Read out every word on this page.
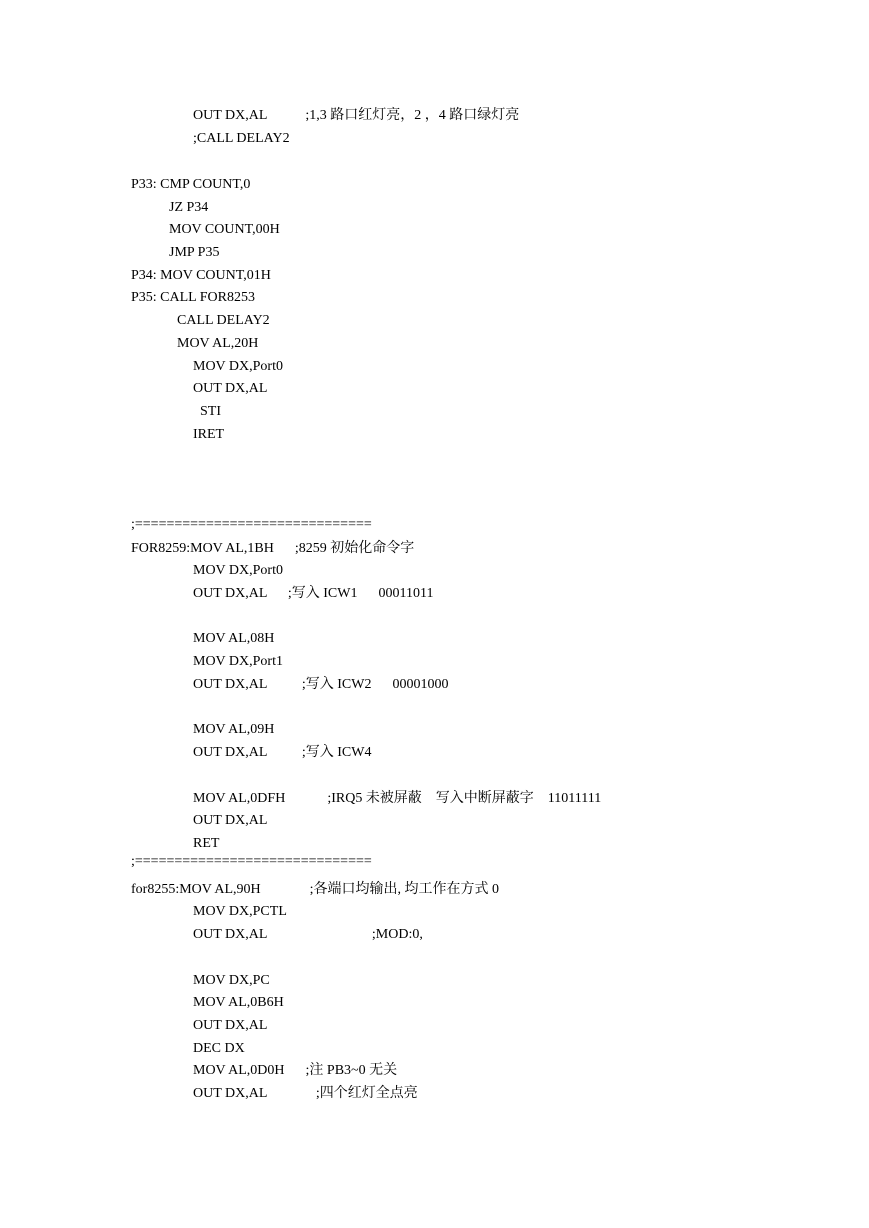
OUT DX,AL           ;1,3 路口红灯亮，2 ，4 路口绿灯亮
;CALL DELAY2
P33: CMP COUNT,0
JZ P34
MOV COUNT,00H
JMP P35
P34: MOV COUNT,01H
P35: CALL FOR8253
CALL DELAY2
MOV AL,20H
MOV DX,Port0
OUT DX,AL
STI
IRET
;==============================
FOR8259:MOV AL,1BH      ;8259 初始化命令字
MOV DX,Port0
OUT DX,AL      ;写入 ICW1      00011011
MOV AL,08H
MOV DX,Port1
OUT DX,AL          ;写入 ICW2      00001000
MOV AL,09H
OUT DX,AL          ;写入 ICW4
MOV AL,0DFH            ;IRQ5 未被屏蔽    写入中断屏蔽字    11011111
OUT DX,AL
RET
;==============================
for8255:MOV AL,90H              ;各端口均输出, 均工作在方式 0
MOV DX,PCTL
OUT DX,AL                              ;MOD:0,
MOV DX,PC
MOV AL,0B6H
OUT DX,AL
DEC DX
MOV AL,0D0H      ;注 PB3~0 无关
OUT DX,AL              ;四个红灯全点亮
